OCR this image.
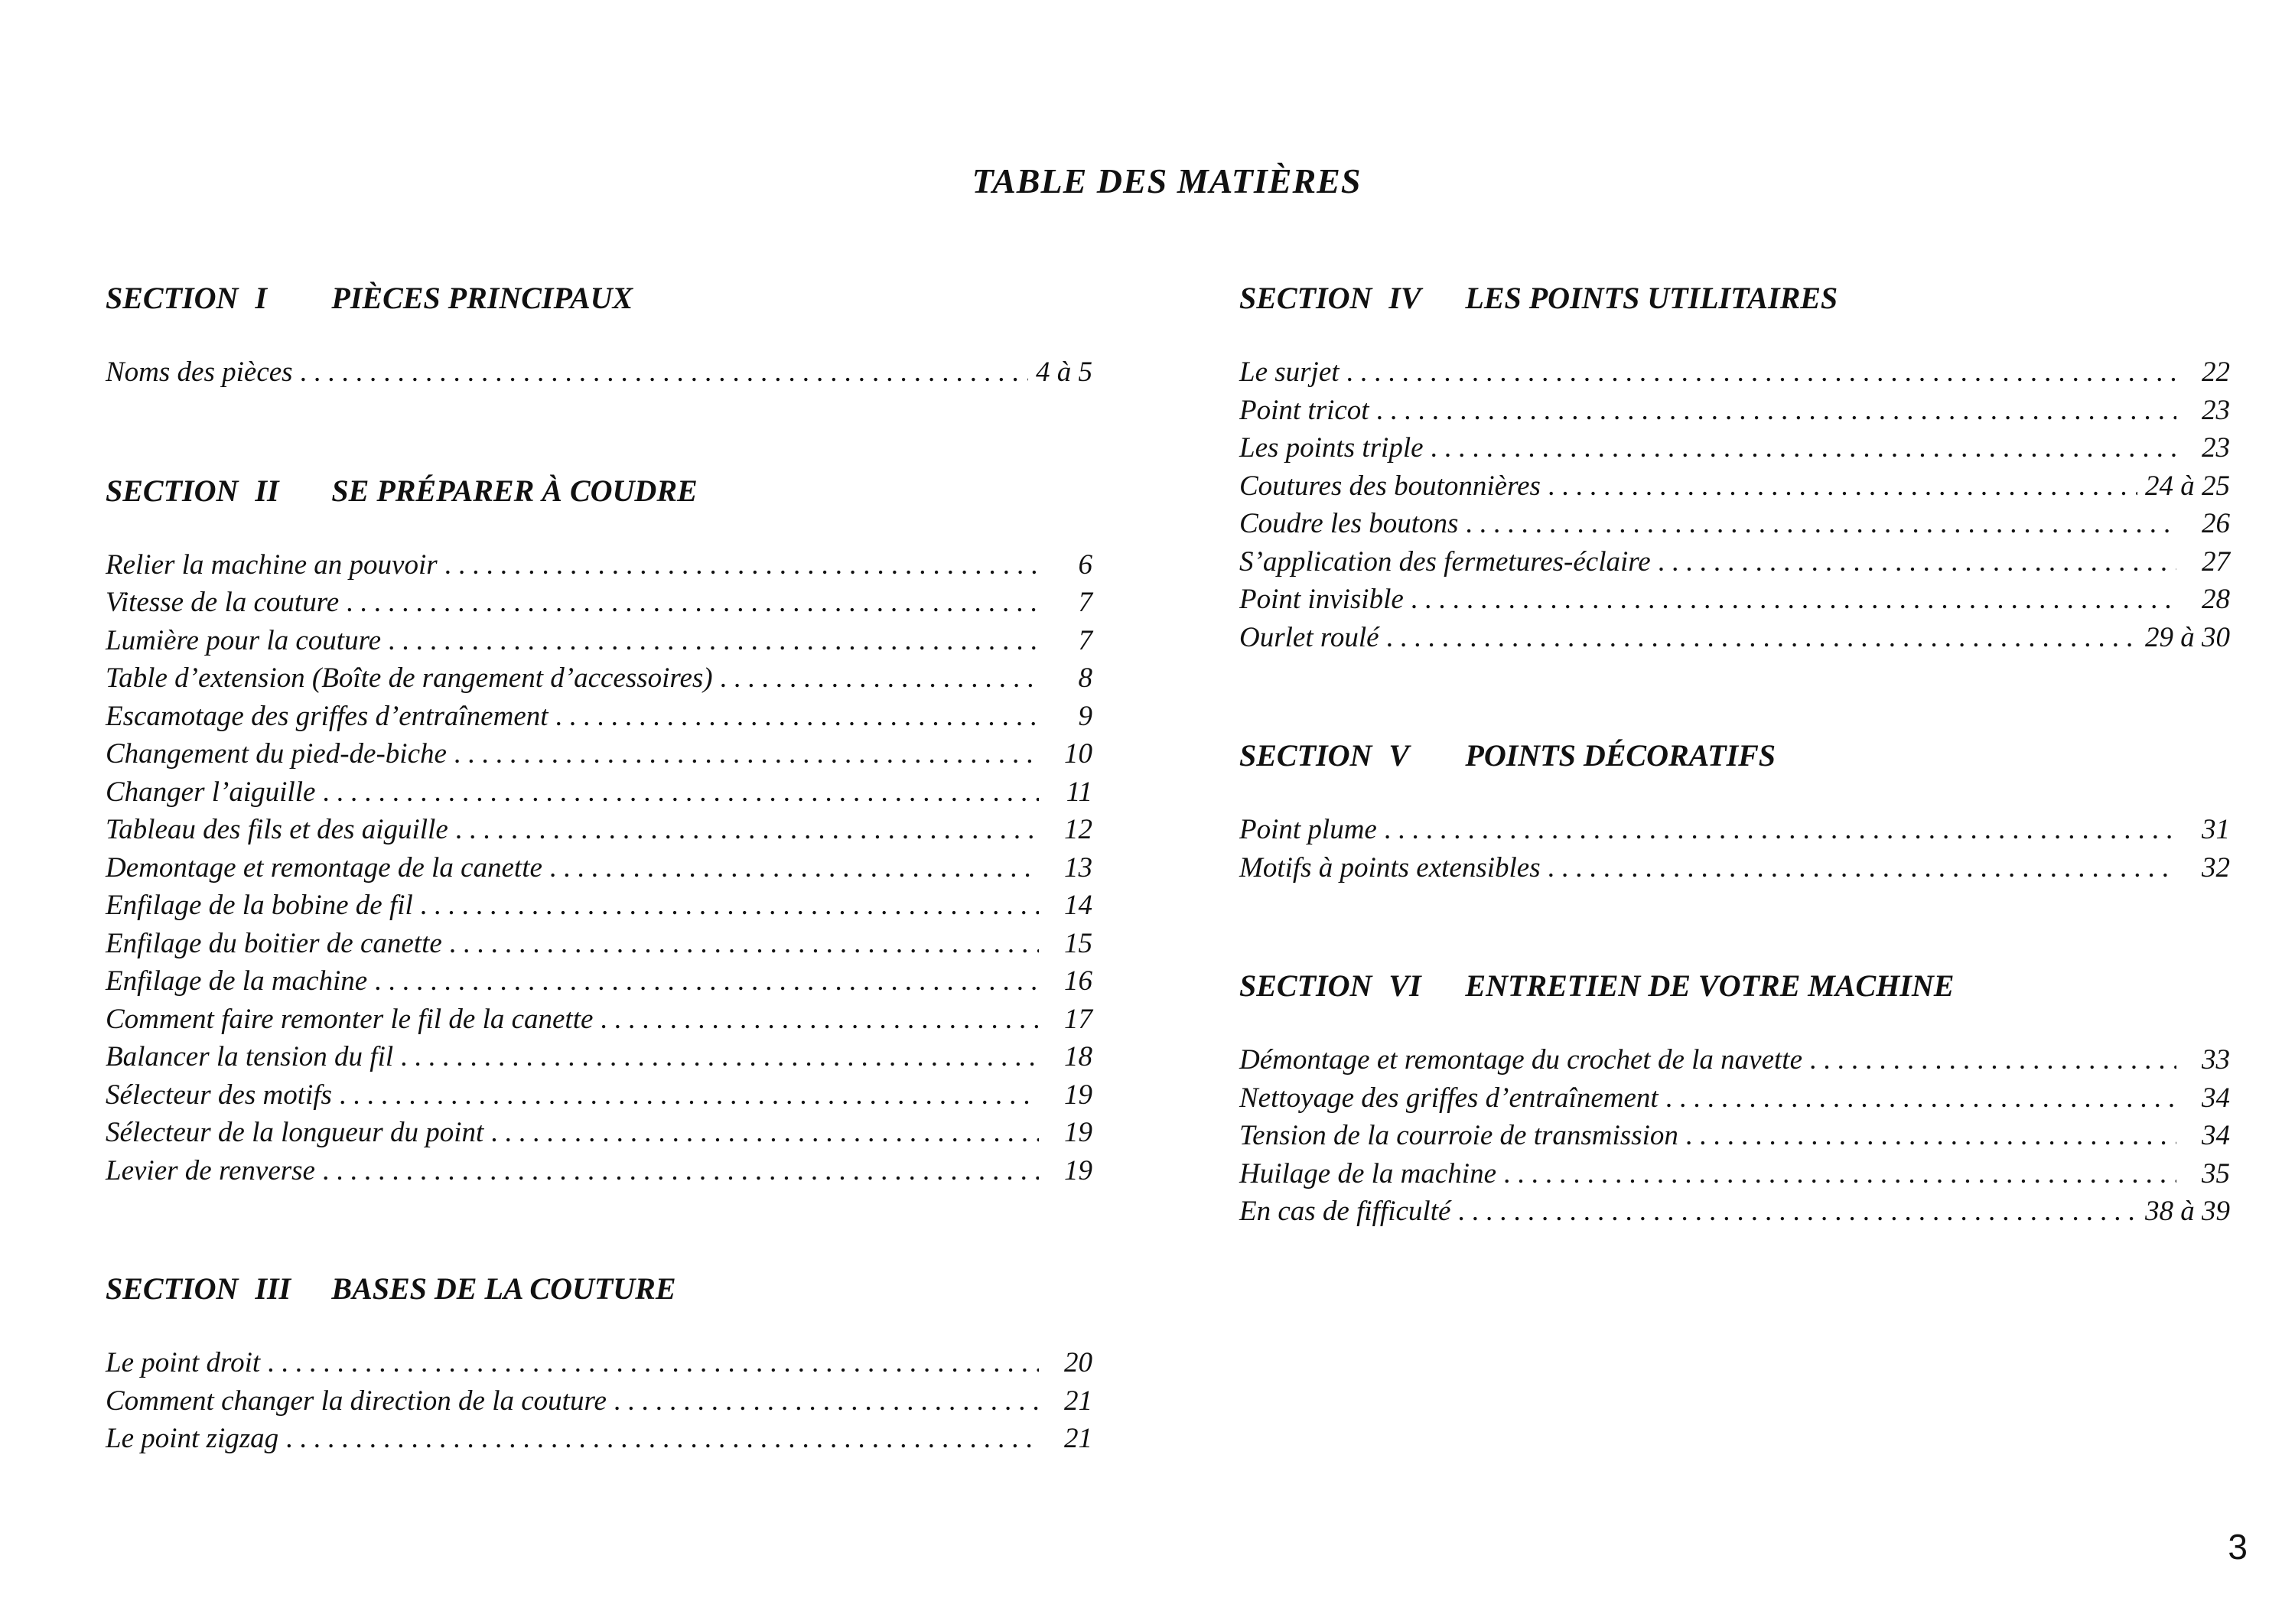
TABLE DES MATIÈRES
SECTION I	PIÈCES PRINCIPAUX
Noms des pièces .....	4 à 5
SECTION II	SE PRÉPARER À COUDRE
Relier la machine an pouvoir .....	6
Vitesse de la couture .....	7
Lumière pour la couture .....	7
Table d’extension (Boîte de rangement d’accessoires) .....	8
Escamotage des griffes d’entraînement .....	9
Changement du pied-de-biche .....	10
Changer l’aiguille .....	11
Tableau des fils et des aiguille .....	12
Demontage et remontage de la canette .....	13
Enfilage de la bobine de fil .....	14
Enfilage du boitier de canette .....	15
Enfilage de la machine .....	16
Comment faire remonter le fil de la canette .....	17
Balancer la tension du fil .....	18
Sélecteur des motifs .....	19
Sélecteur de la longueur du point .....	19
Levier de renverse .....	19
SECTION III	BASES DE LA COUTURE
Le point droit .....	20
Comment changer la direction de la couture .....	21
Le point zigzag .....	21
SECTION IV	LES POINTS UTILITAIRES
Le surjet .....	22
Point tricot .....	23
Les points triple .....	23
Coutures des boutonnières .....	24 à 25
Coudre les boutons .....	26
S’application des fermetures-éclaire .....	27
Point invisible .....	28
Ourlet roulé .....	29 à 30
SECTION V	POINTS DÉCORATIFS
Point plume .....	31
Motifs à points extensibles .....	32
SECTION VI	ENTRETIEN DE VOTRE MACHINE
Démontage et remontage du crochet de la navette .....	33
Nettoyage des griffes d’entraînement .....	34
Tension de la courroie de transmission .....	34
Huilage de la machine .....	35
En cas de fifficulté .....	38 à 39
3
